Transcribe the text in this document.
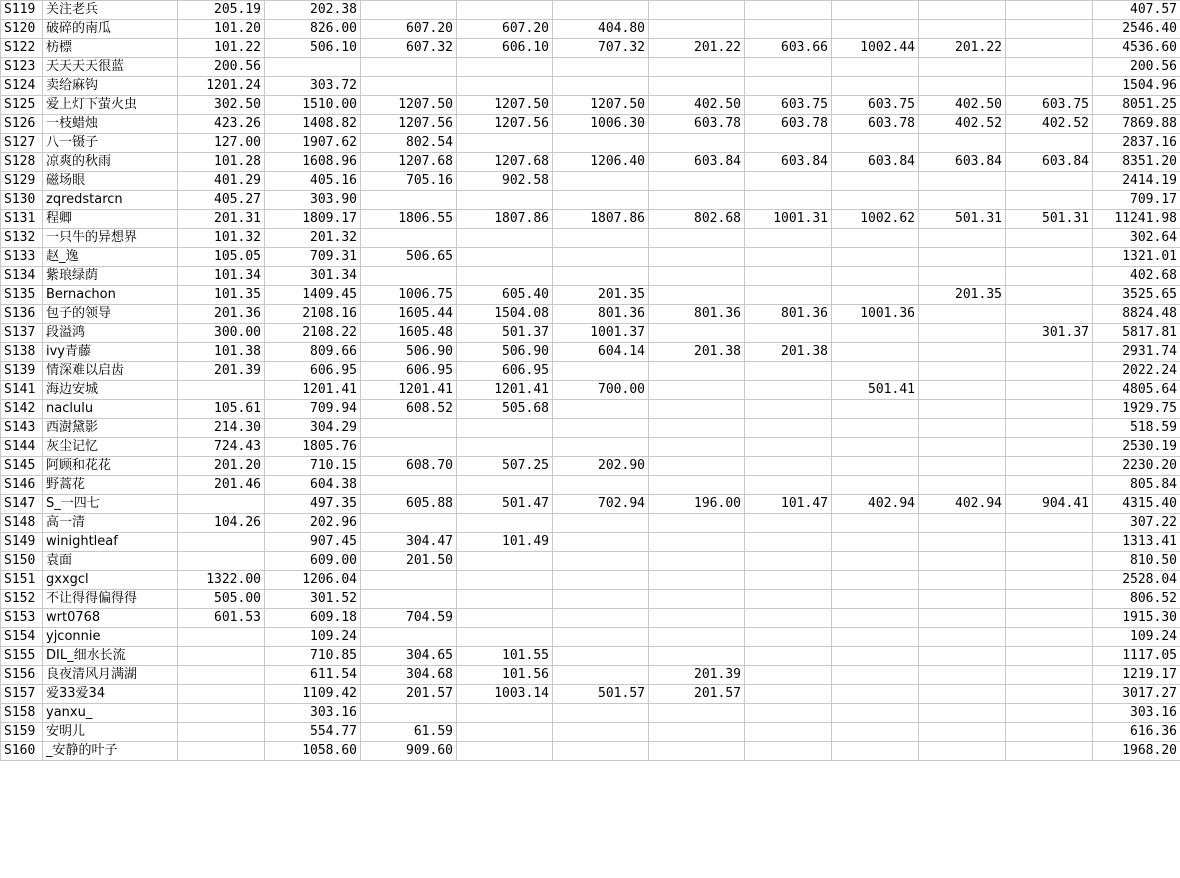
S119	关注老兵	205.19	202.38									407.57
S120	破碎的南瓜	101.20	826.00	607.20	607.20	404.80						2546.40
S122	枋標	101.22	506.10	607.32	606.10	707.32	201.22	603.66	1002.44	201.22		4536.60
S123	天天天天很蓝	200.56										200.56
S124	卖给麻钩	1201.24	303.72									1504.96
S125	爱上灯下萤火虫	302.50	1510.00	1207.50	1207.50	1207.50	402.50	603.75	603.75	402.50	603.75	8051.25
S126	一枝蜡烛	423.26	1408.82	1207.56	1207.56	1006.30	603.78	603.78	603.78	402.52	402.52	7869.88
S127	八一镊子	127.00	1907.62	802.54								2837.16
S128	凉爽的秋雨	101.28	1608.96	1207.68	1207.68	1206.40	603.84	603.84	603.84	603.84	603.84	8351.20
S129	磁场眼	401.29	405.16	705.16	902.58							2414.19
S130	zqredstarcn	405.27	303.90									709.17
S131	程卿	201.31	1809.17	1806.55	1807.86	1807.86	802.68	1001.31	1002.62	501.31	501.31	11241.98
S132	一只牛的异想界	101.32	201.32									302.64
S133	赵_逸	105.05	709.31	506.65								1321.01
S134	紫琅绿荫	101.34	301.34									402.68
S135	Bernachon	101.35	1409.45	1006.75	605.40	201.35				201.35		3525.65
S136	包子的领导	201.36	2108.16	1605.44	1504.08	801.36	801.36	801.36	1001.36			8824.48
S137	段溢鸿	300.00	2108.22	1605.48	501.37	1001.37					301.37	5817.81
S138	ivy青藤	101.38	809.66	506.90	506.90	604.14	201.38	201.38				2931.74
S139	情深难以启齿	201.39	606.95	606.95	606.95							2022.24
S141	海边安城		1201.41	1201.41	1201.41	700.00			501.41			4805.64
S142	naclulu	105.61	709.94	608.52	505.68							1929.75
S143	西澍黛影	214.30	304.29									518.59
S144	灰尘记忆	724.43	1805.76									2530.19
S145	阿顾和花花	201.20	710.15	608.70	507.25	202.90						2230.20
S146	野蒿花	201.46	604.38									805.84
S147	S_一四七		497.35	605.88	501.47	702.94	196.00	101.47	402.94	402.94	904.41	4315.40
S148	高一清	104.26	202.96									307.22
S149	winightleaf		907.45	304.47	101.49							1313.41
S150	袁面		609.00	201.50								810.50
S151	gxxgcl	1322.00	1206.04									2528.04
S152	不让得得偏得得	505.00	301.52									806.52
S153	wrt0768	601.53	609.18	704.59								1915.30
S154	yjconnie		109.24									109.24
S155	DIL_细水长流		710.85	304.65	101.55							1117.05
S156	良夜清风月满湖		611.54	304.68	101.56		201.39					1219.17
S157	爱33爱34		1109.42	201.57	1003.14	501.57	201.57					3017.27
S158	yanxu_		303.16									303.16
S159	安明儿		554.77	61.59								616.36
S160	_安静的叶子		1058.60	909.60								1968.20
